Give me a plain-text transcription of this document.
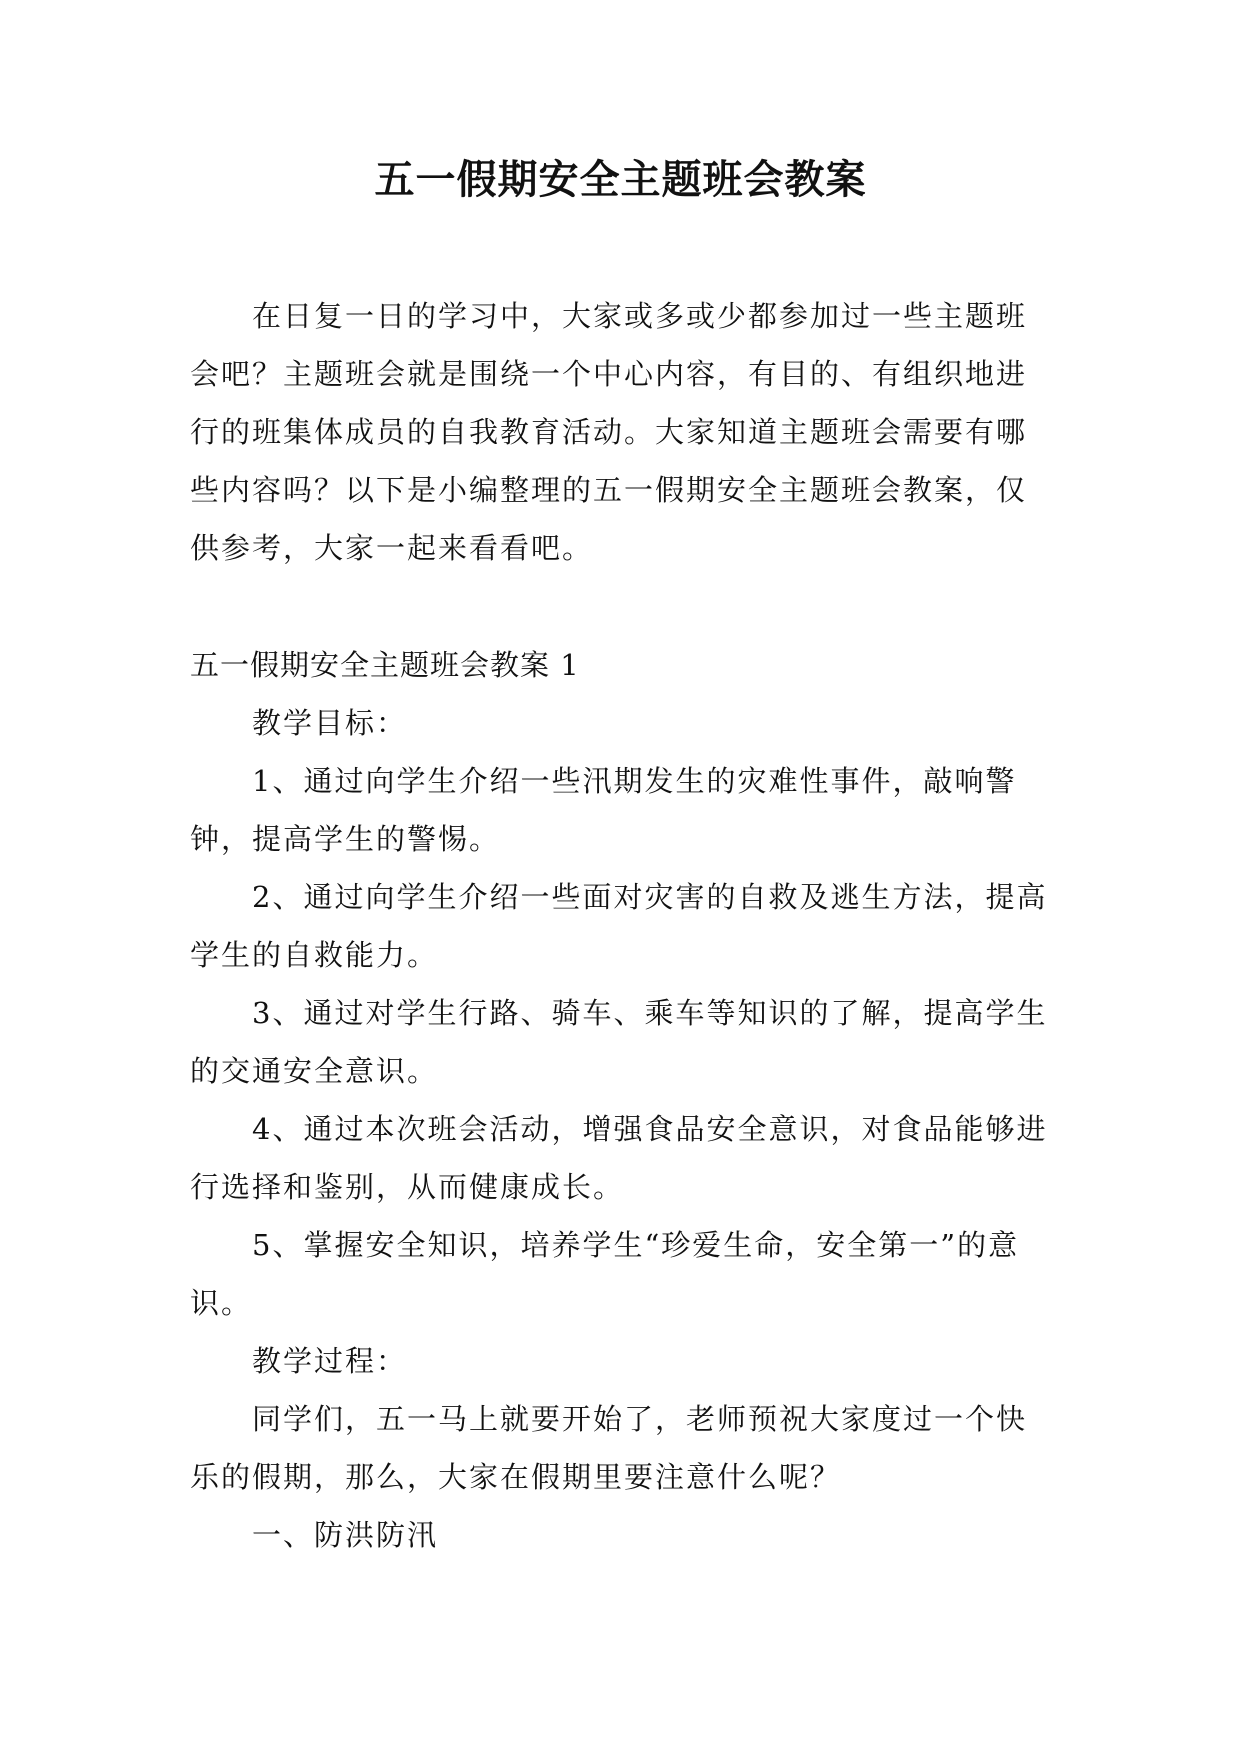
五一假期安全主题班会教案

在日复一日的学习中，大家或多或少都参加过一些主题班会吧？主题班会就是围绕一个中心内容，有目的、有组织地进行的班集体成员的自我教育活动。大家知道主题班会需要有哪些内容吗？以下是小编整理的五一假期安全主题班会教案，仅供参考，大家一起来看看吧。

五一假期安全主题班会教案 1

教学目标：

1、通过向学生介绍一些汛期发生的灾难性事件，敲响警钟，提高学生的警惕。

2、通过向学生介绍一些面对灾害的自救及逃生方法，提高学生的自救能力。

3、通过对学生行路、骑车、乘车等知识的了解，提高学生的交通安全意识。

4、通过本次班会活动，增强食品安全意识，对食品能够进行选择和鉴别，从而健康成长。

5、掌握安全知识，培养学生“珍爱生命，安全第一”的意识。

教学过程：

同学们，五一马上就要开始了，老师预祝大家度过一个快乐的假期，那么，大家在假期里要注意什么呢？

一、防洪防汛
